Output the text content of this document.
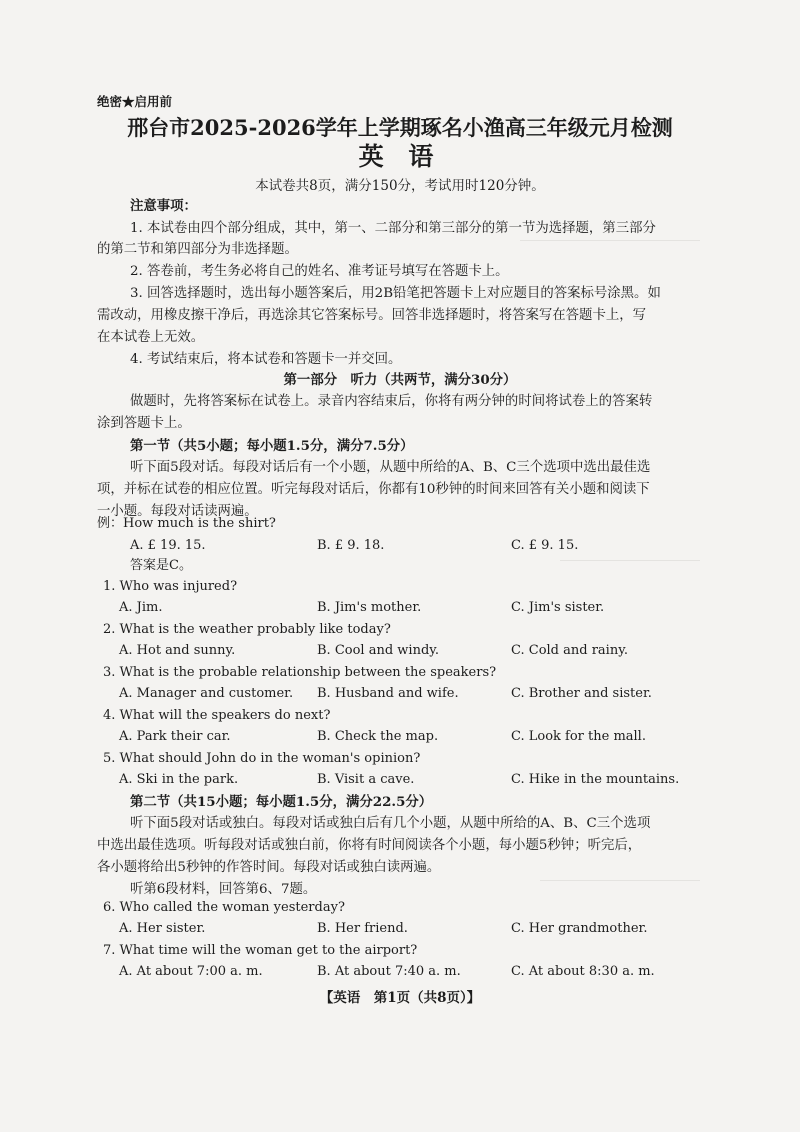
绝密★启用前
邢台市2025-2026学年上学期琢名小渔高三年级元月检测
英 语
本试卷共8页，满分150分，考试用时120分钟。
注意事项：
1. 本试卷由四个部分组成，其中，第一、二部分和第三部分的第一节为选择题，第三部分
的第二节和第四部分为非选择题。
2. 答卷前，考生务必将自己的姓名、准考证号填写在答题卡上。
3. 回答选择题时，选出每小题答案后，用2B铅笔把答题卡上对应题目的答案标号涂黑。如
需改动，用橡皮擦干净后，再选涂其它答案标号。回答非选择题时，将答案写在答题卡上，写
在本试卷上无效。
4. 考试结束后，将本试卷和答题卡一并交回。
第一部分　听力（共两节，满分30分）
做题时，先将答案标在试卷上。录音内容结束后，你将有两分钟的时间将试卷上的答案转
涂到答题卡上。
第一节（共5小题；每小题1.5分，满分7.5分）
听下面5段对话。每段对话后有一个小题，从题中所给的A、B、C三个选项中选出最佳选
项，并标在试卷的相应位置。听完每段对话后，你都有10秒钟的时间来回答有关小题和阅读下
一小题。每段对话读两遍。
例：How much is the shirt?
A. £ 19. 15.	B. £ 9. 18.	C. £ 9. 15.
答案是C。
1. Who was injured?
A. Jim.	B. Jim's mother.	C. Jim's sister.
2. What is the weather probably like today?
A. Hot and sunny.	B. Cool and windy.	C. Cold and rainy.
3. What is the probable relationship between the speakers?
A. Manager and customer. B. Husband and wife.	C. Brother and sister.
4. What will the speakers do next?
A. Park their car.	B. Check the map.	C. Look for the mall.
5. What should John do in the woman's opinion?
A. Ski in the park.	B. Visit a cave.	C. Hike in the mountains.
第二节（共15小题；每小题1.5分，满分22.5分）
听下面5段对话或独白。每段对话或独白后有几个小题，从题中所给的A、B、C三个选项
中选出最佳选项。听每段对话或独白前，你将有时间阅读各个小题，每小题5秒钟；听完后，
各小题将给出5秒钟的作答时间。每段对话或独白读两遍。
听第6段材料，回答第6、7题。
6. Who called the woman yesterday?
A. Her sister.	B. Her friend.	C. Her grandmother.
7. What time will the woman get to the airport?
A. At about 7:00 a. m.	B. At about 7:40 a. m.	C. At about 8:30 a. m.
【英语　第1页（共8页）】
